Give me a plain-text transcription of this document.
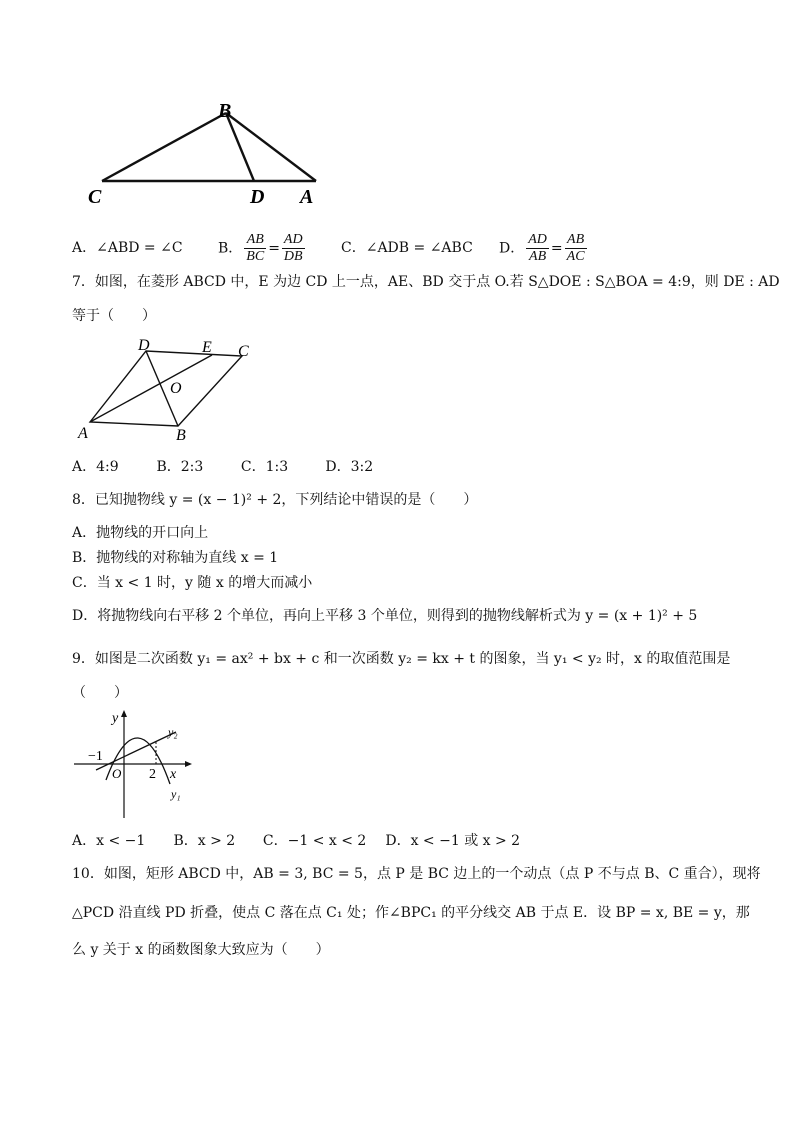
B
C	D A
A．∠ABD = ∠C	B． $\frac{AB}{BC} = \frac{AD}{DB}$	C．∠ADB = ∠ABC	D． $\frac{AD}{AB} = \frac{AB}{AC}$
7．如图，在菱形 ABCD 中，E 为边 CD 上一点，AE、BD 交于点 O.若 S△DOE : S△BOA = 4:9，则 DE : AD
等于（　　）
D	E C
O
A	B
A．4:9	B．2:3	C．1:3	D．3:2
8．已知抛物线 y = (x − 1)² + 2，下列结论中错误的是（　　）
A．抛物线的开口向上
B．抛物线的对称轴为直线 x = 1
C．当 x < 1 时，y 随 x 的增大而减小
D．将抛物线向右平移 2 个单位，再向上平移 3 个单位，则得到的抛物线解析式为 y = (x + 1)² + 5
9．如图是二次函数 y₁ = ax² + bx + c 和一次函数 y₂ = kx + t 的图象，当 y₁ < y₂ 时，x 的取值范围是
（　　）
y
y₂
−1
O 2 x
y₁
A．x < −1 B．x > 2 C．−1 < x < 2 D．x < −1 或 x > 2
10．如图，矩形 ABCD 中，AB = 3, BC = 5，点 P 是 BC 边上的一个动点（点 P 不与点 B、C 重合），现将
△PCD 沿直线 PD 折叠，使点 C 落在点 C₁ 处；作∠BPC₁ 的平分线交 AB 于点 E．设 BP = x, BE = y，那
么 y 关于 x 的函数图象大致应为（　　）
